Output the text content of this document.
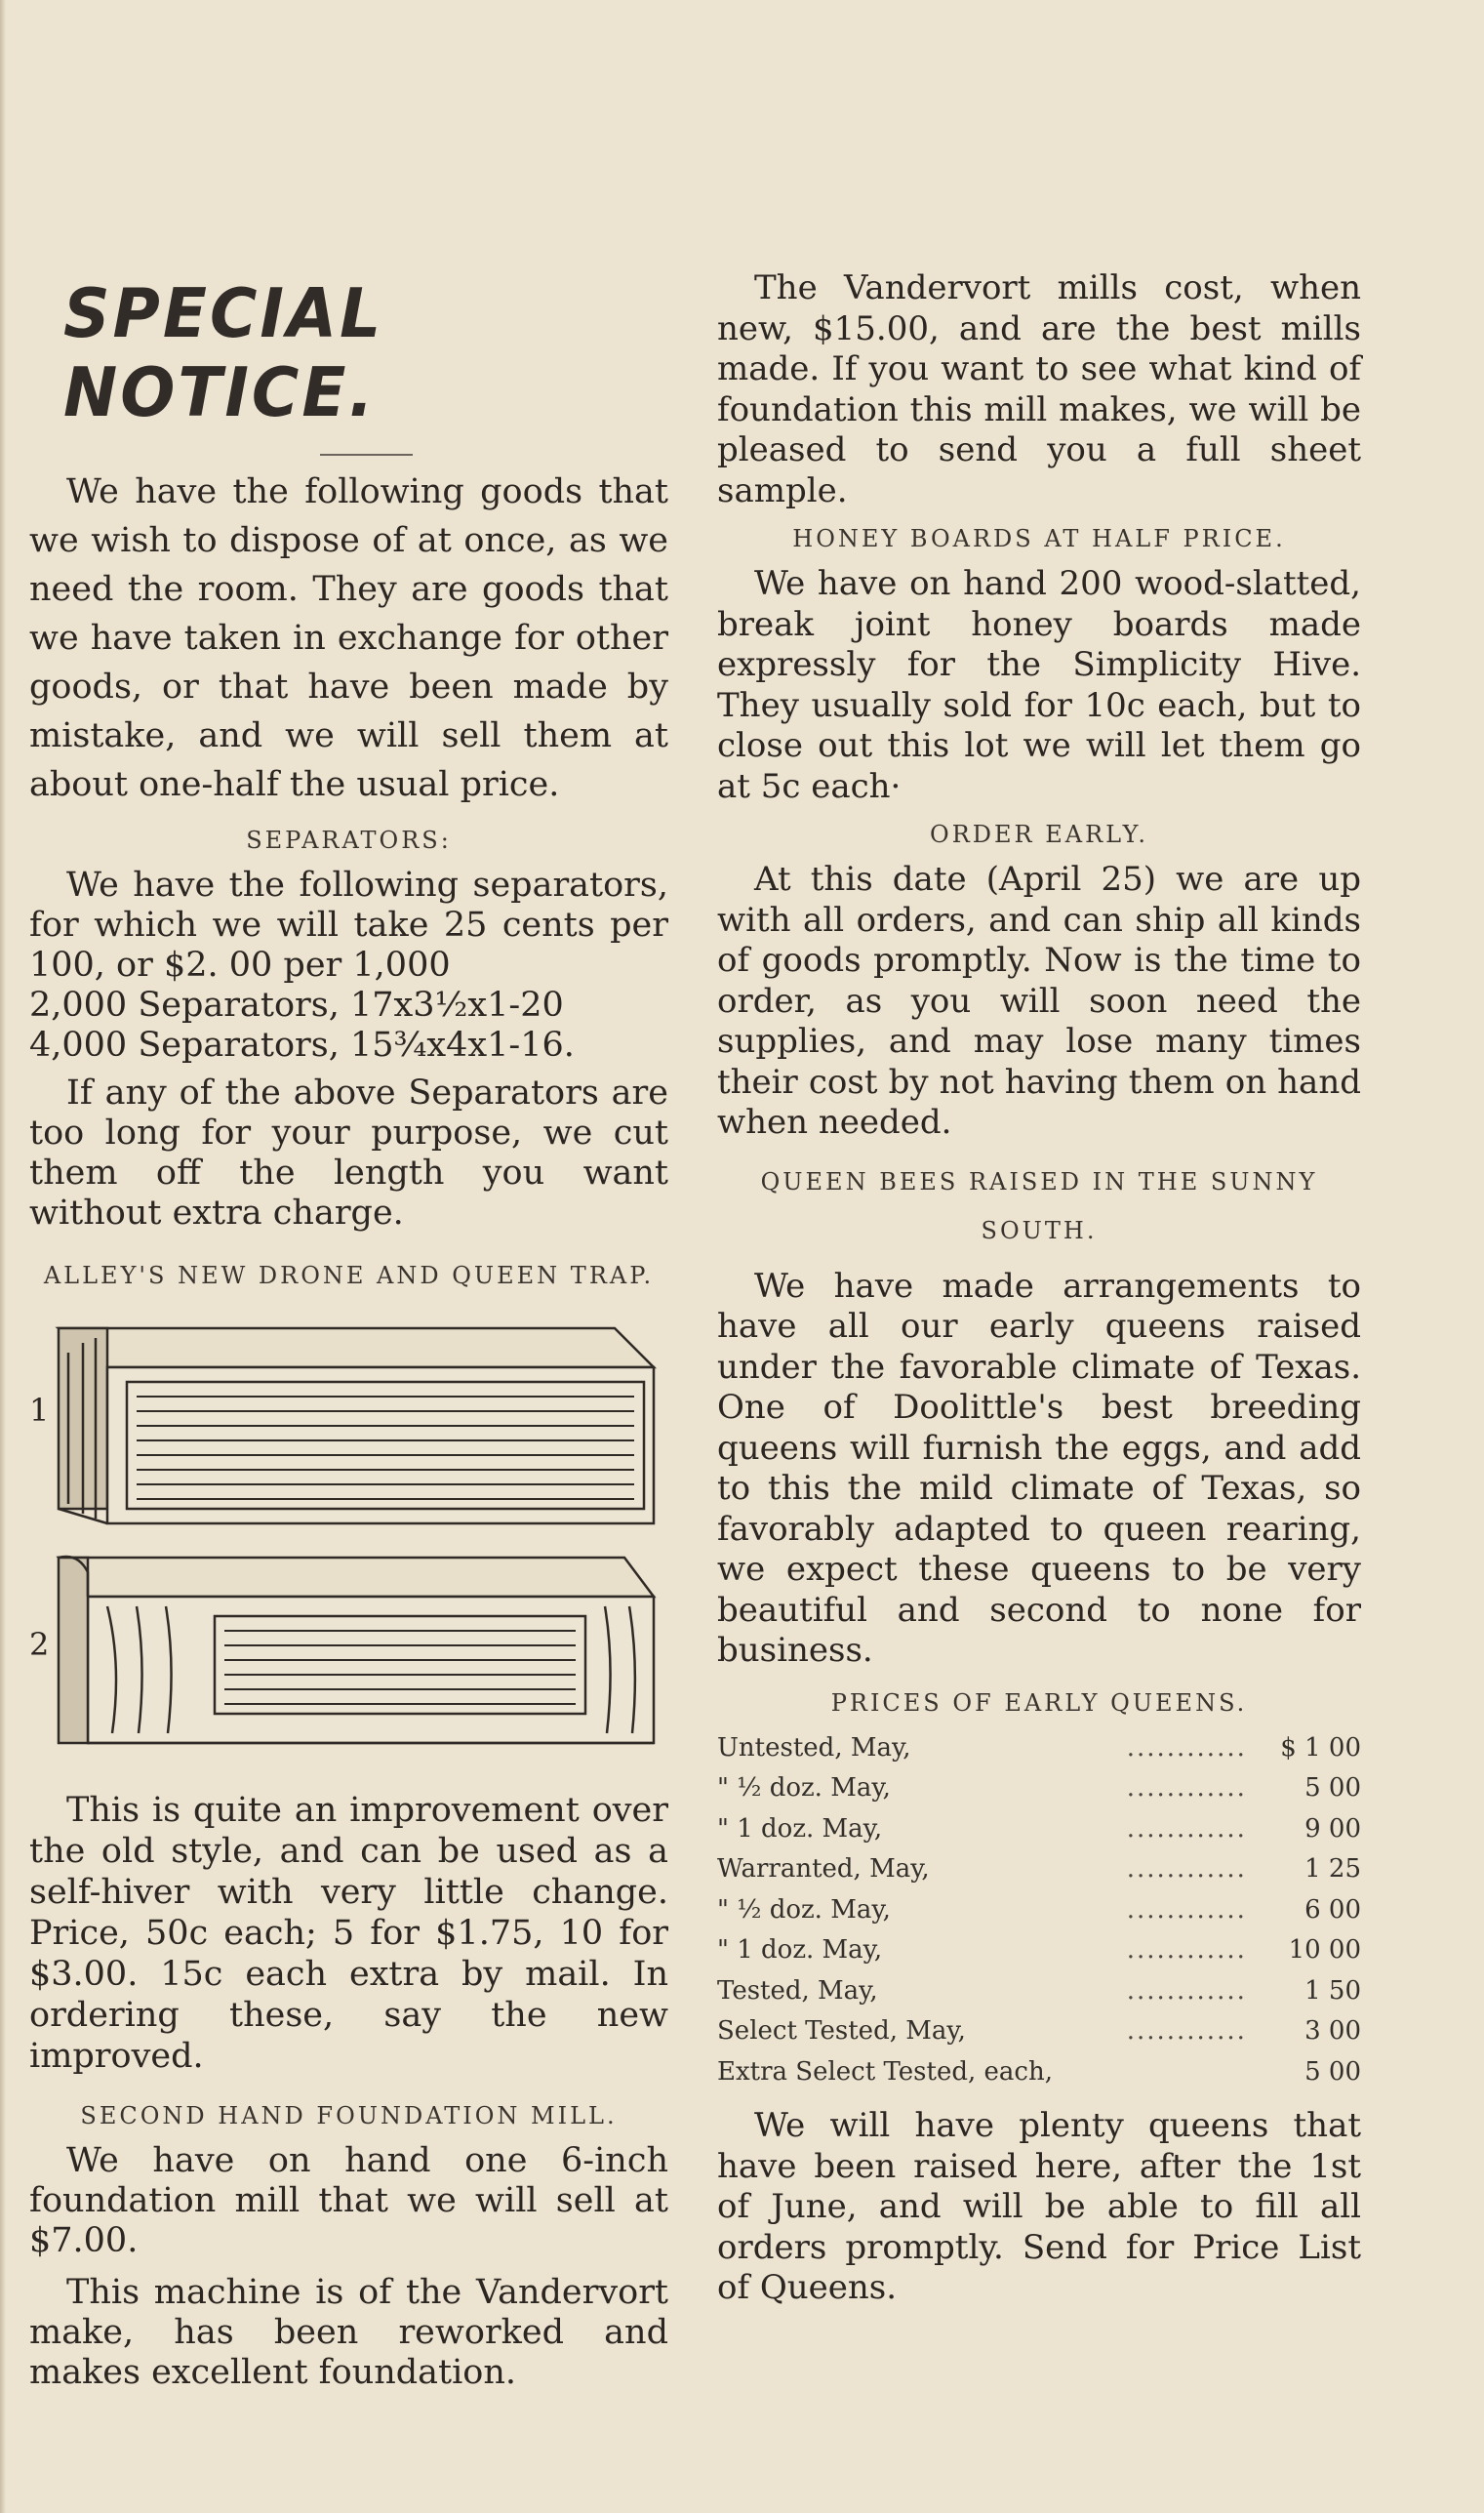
SPECIAL NOTICE.

We have the following goods that we wish to dispose of at once, as we need the room. They are goods that we have taken in exchange for other goods, or that have been made by mistake, and we will sell them at about one-half the usual price.

SEPARATORS:

We have the following separators, for which we will take 25 cents per 100, or $2. 00 per 1,000

2,000 Separators, 17x3½x1-20

4,000 Separators, 15¾x4x1-16.

If any of the above Separators are too long for your purpose, we cut them off the length you want without extra charge.

ALLEY'S NEW DRONE AND QUEEN TRAP.
1
2

This is quite an improvement over the old style, and can be used as a self-hiver with very little change. Price, 50c each; 5 for $1.75, 10 for $3.00. 15c each extra by mail. In ordering these, say the new improved.

SECOND HAND FOUNDATION MILL.

We have on hand one 6-inch foundation mill that we will sell at $7.00.

This machine is of the Vandervort make, has been reworked and makes excellent foundation.

The Vandervort mills cost, when new, $15.00, and are the best mills made. If you want to see what kind of foundation this mill makes, we will be pleased to send you a full sheet sample.

HONEY BOARDS AT HALF PRICE.

We have on hand 200 wood-slatted, break joint honey boards made expressly for the Simplicity Hive. They usually sold for 10c each, but to close out this lot we will let them go at 5c each·

ORDER EARLY.

At this date (April 25) we are up with all orders, and can ship all kinds of goods promptly. Now is the time to order, as you will soon need the supplies, and may lose many times their cost by not having them on hand when needed.

QUEEN BEES RAISED IN THE SUNNY SOUTH.

We have made arrangements to have all our early queens raised under the favorable climate of Texas. One of Doolittle's best breeding queens will furnish the eggs, and add to this the mild climate of Texas, so favorably adapted to queen rearing, we expect these queens to be very beautiful and second to none for business.

PRICES OF EARLY QUEENS.
Untested, May,	............	$ 1 00
" ½ doz. May,	............	5 00
" 1 doz. May,	............	9 00
Warranted, May,	............	1 25
" ½ doz. May,	............	6 00
" 1 doz. May,	............	10 00
Tested, May,	............	1 50
Select Tested, May,	............	3 00
Extra Select Tested, each,		5 00

We will have plenty queens that have been raised here, after the 1st of June, and will be able to fill all orders promptly. Send for Price List of Queens.
